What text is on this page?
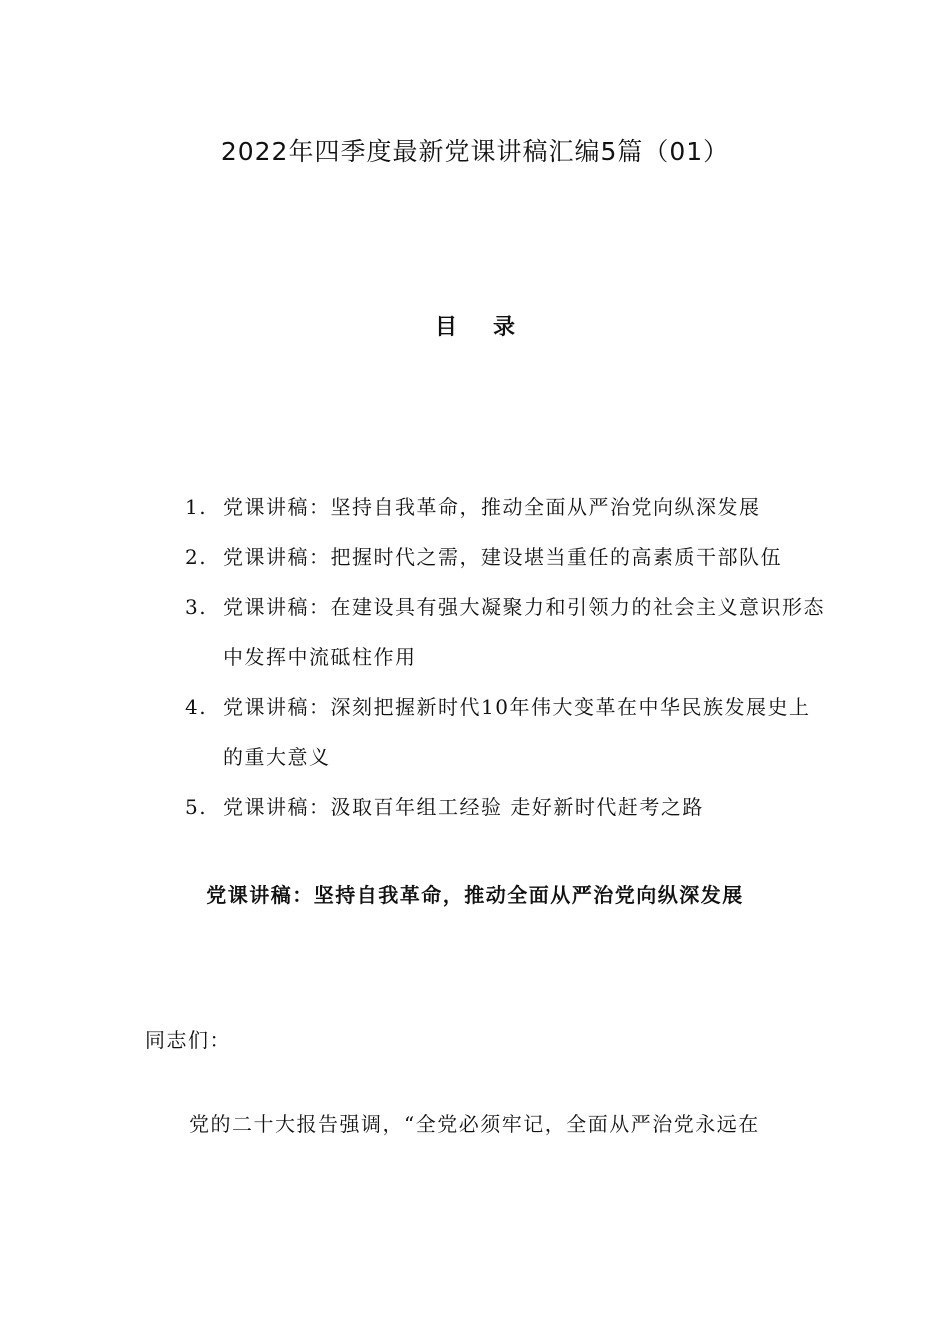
2022年四季度最新党课讲稿汇编5篇（01）
目录
1. 党课讲稿：坚持自我革命，推动全面从严治党向纵深发展
2. 党课讲稿：把握时代之需，建设堪当重任的高素质干部队伍
3. 党课讲稿：在建设具有强大凝聚力和引领力的社会主义意识形态中发挥中流砥柱作用
4. 党课讲稿：深刻把握新时代10年伟大变革在中华民族发展史上的重大意义
5. 党课讲稿：汲取百年组工经验 走好新时代赶考之路
党课讲稿：坚持自我革命，推动全面从严治党向纵深发展
同志们：
党的二十大报告强调，“全党必须牢记，全面从严治党永远在
